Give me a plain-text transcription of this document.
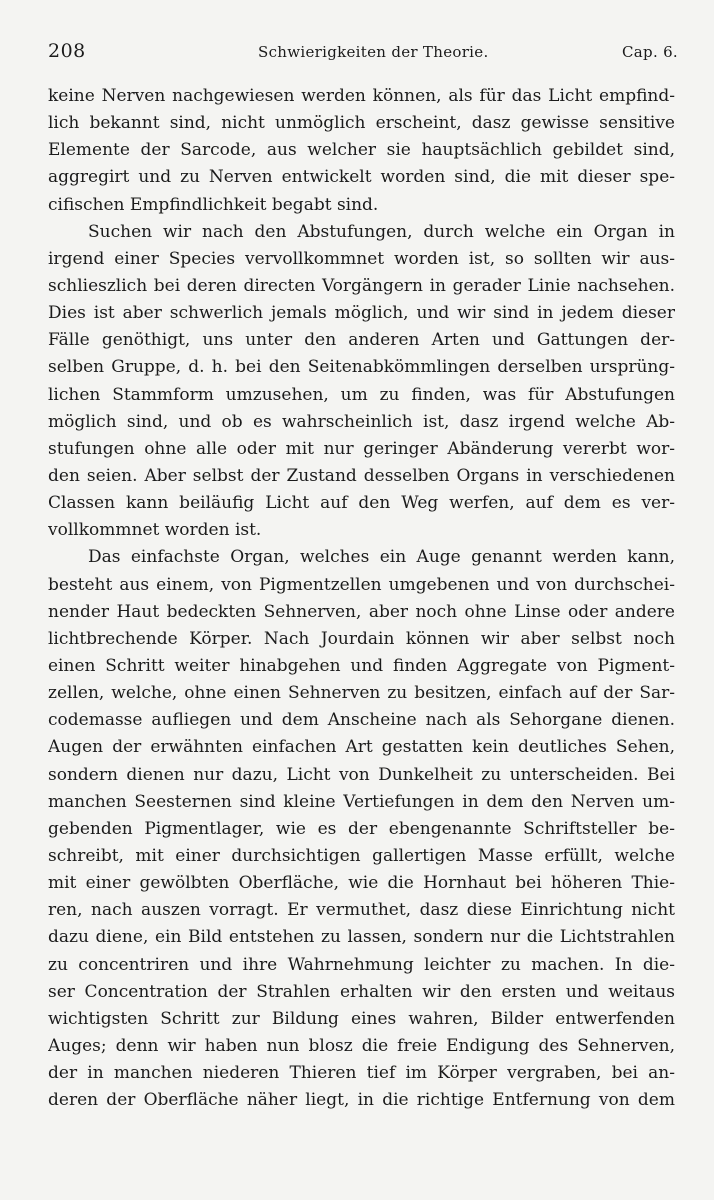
208	Schwierigkeiten der Theorie.	Cap. 6.
keine Nerven nachgewiesen werden können, als für das Licht empfind-
lich bekannt sind, nicht unmöglich erscheint, dasz gewisse sensitive
Elemente der Sarcode, aus welcher sie hauptsächlich gebildet sind,
aggregirt und zu Nerven entwickelt worden sind, die mit dieser spe-
cifischen Empfindlichkeit begabt sind.
Suchen wir nach den Abstufungen, durch welche ein Organ in
irgend einer Species vervollkommnet worden ist, so sollten wir aus-
schlieszlich bei deren directen Vorgängern in gerader Linie nachsehen.
Dies ist aber schwerlich jemals möglich, und wir sind in jedem dieser
Fälle genöthigt, uns unter den anderen Arten und Gattungen der-
selben Gruppe, d. h. bei den Seitenabkömmlingen derselben ursprüng-
lichen Stammform umzusehen, um zu finden, was für Abstufungen
möglich sind, und ob es wahrscheinlich ist, dasz irgend welche Ab-
stufungen ohne alle oder mit nur geringer Abänderung vererbt wor-
den seien. Aber selbst der Zustand desselben Organs in verschiedenen
Classen kann beiläufig Licht auf den Weg werfen, auf dem es ver-
vollkommnet worden ist.
Das einfachste Organ, welches ein Auge genannt werden kann,
besteht aus einem, von Pigmentzellen umgebenen und von durchschei-
nender Haut bedeckten Sehnerven, aber noch ohne Linse oder andere
lichtbrechende Körper. Nach Jourdain können wir aber selbst noch
einen Schritt weiter hinabgehen und finden Aggregate von Pigment-
zellen, welche, ohne einen Sehnerven zu besitzen, einfach auf der Sar-
codemasse aufliegen und dem Anscheine nach als Sehorgane dienen.
Augen der erwähnten einfachen Art gestatten kein deutliches Sehen,
sondern dienen nur dazu, Licht von Dunkelheit zu unterscheiden. Bei
manchen Seesternen sind kleine Vertiefungen in dem den Nerven um-
gebenden Pigmentlager, wie es der ebengenannte Schriftsteller be-
schreibt, mit einer durchsichtigen gallertigen Masse erfüllt, welche
mit einer gewölbten Oberfläche, wie die Hornhaut bei höheren Thie-
ren, nach auszen vorragt. Er vermuthet, dasz diese Einrichtung nicht
dazu diene, ein Bild entstehen zu lassen, sondern nur die Lichtstrahlen
zu concentriren und ihre Wahrnehmung leichter zu machen. In die-
ser Concentration der Strahlen erhalten wir den ersten und weitaus
wichtigsten Schritt zur Bildung eines wahren, Bilder entwerfenden
Auges; denn wir haben nun blosz die freie Endigung des Sehnerven,
der in manchen niederen Thieren tief im Körper vergraben, bei an-
deren der Oberfläche näher liegt, in die richtige Entfernung von dem
